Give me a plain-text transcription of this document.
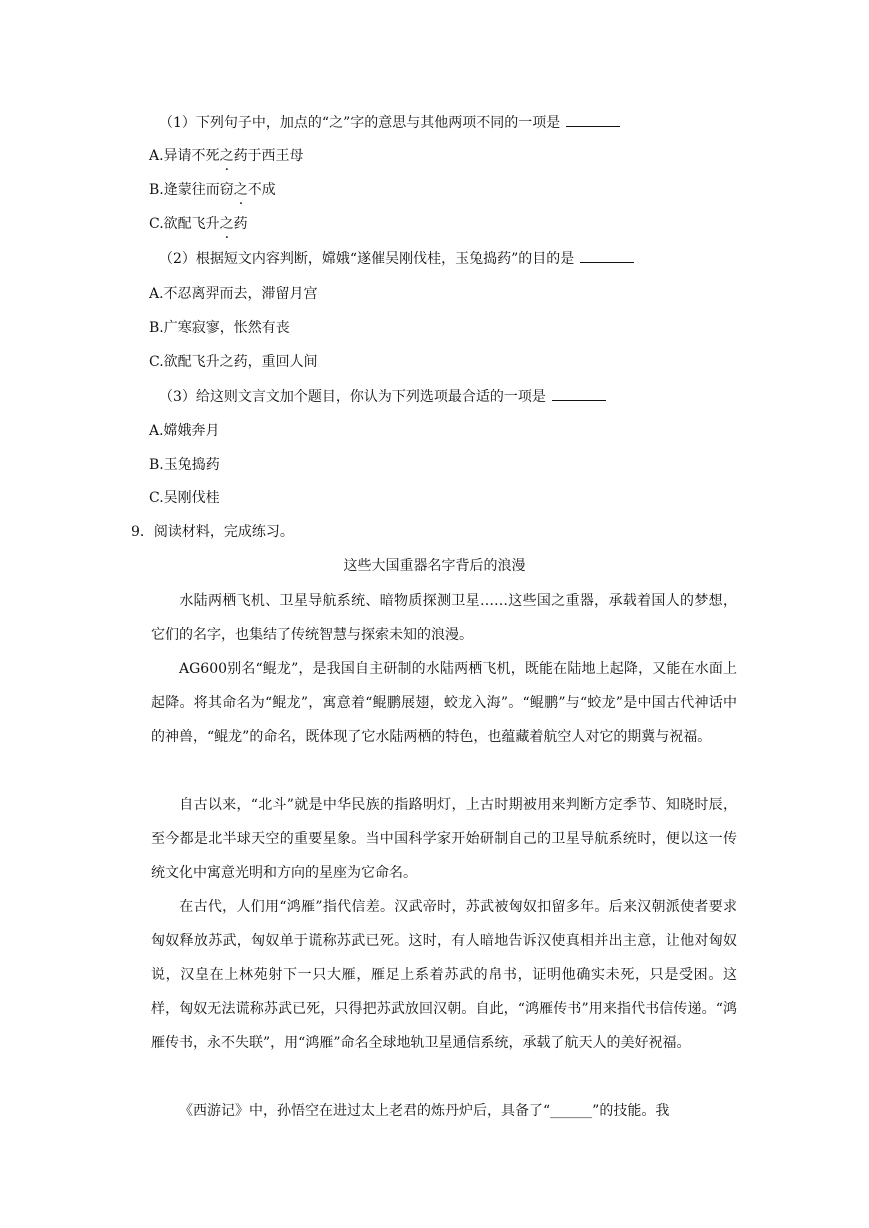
（1）下列句子中，加点的“之”字的意思与其他两项不同的一项是
A.异请不死之药于西王母
B.逄蒙往而窃之不成
C.欲配飞升之药
（2）根据短文内容判断，嫦娥“遂催吴刚伐桂，玉兔捣药”的目的是
A.不忍离羿而去，滞留月宫
B.广寒寂寥，怅然有丧
C.欲配飞升之药，重回人间
（3）给这则文言文加个题目，你认为下列选项最合适的一项是
A.嫦娥奔月
B.玉兔捣药
C.吴刚伐桂
9．阅读材料，完成练习。
这些大国重器名字背后的浪漫
水陆两栖飞机、卫星导航系统、暗物质探测卫星……这些国之重器，承载着国人的梦想，它们的名字，也集结了传统智慧与探索未知的浪漫。
AG600别名“鲲龙”，是我国自主研制的水陆两栖飞机，既能在陆地上起降，又能在水面上起降。将其命名为“鲲龙”，寓意着“鲲鹏展翅，蛟龙入海”。“鲲鹏”与“蛟龙”是中国古代神话中的神兽，“鲲龙”的命名，既体现了它水陆两栖的特色，也蕴藏着航空人对它的期冀与祝福。
自古以来，“北斗”就是中华民族的指路明灯，上古时期被用来判断方定季节、知晓时辰，至今都是北半球天空的重要星象。当中国科学家开始研制自己的卫星导航系统时，便以这一传统文化中寓意光明和方向的星座为它命名。
在古代，人们用“鸿雁”指代信差。汉武帝时，苏武被匈奴扣留多年。后来汉朝派使者要求匈奴释放苏武，匈奴单于谎称苏武已死。这时，有人暗地告诉汉使真相并出主意，让他对匈奴说，汉皇在上林苑射下一只大雁，雁足上系着苏武的帛书，证明他确实未死，只是受困。这样，匈奴无法谎称苏武已死，只得把苏武放回汉朝。自此，“鸿雁传书”用来指代书信传递。“鸿雁传书，永不失联”，用“鸿雁”命名全球地轨卫星通信系统，承载了航天人的美好祝福。
《西游记》中，孙悟空在进过太上老君的炼丹炉后，具备了“______”的技能。我
